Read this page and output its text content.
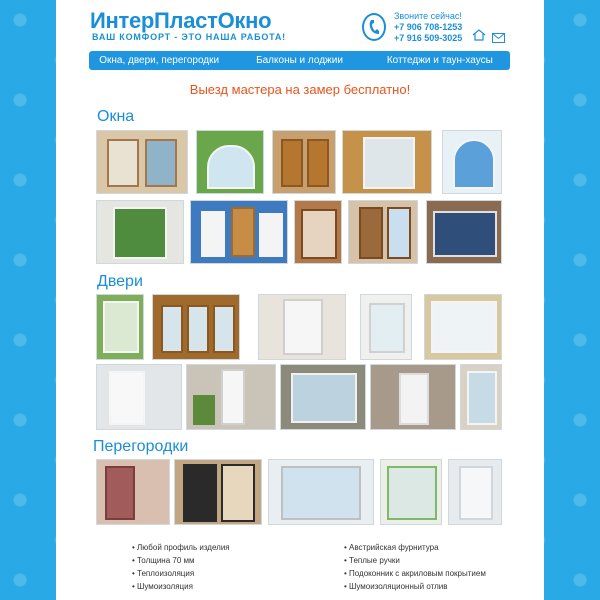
ИнтерПластОкно
ВАШ КОМФОРТ - ЭТО НАША РАБОТА!
Звоните сейчас!
+7 906 708-1253
+7 916 509-3025
Окна, двери, перегородки	Балконы и лоджии	Коттеджи и таун-хаусы
Выезд мастера на замер бесплатно!
Окна
Двери
Перегородки
• Любой профиль изделия
• Толщина 70 мм
• Теплоизоляция
• Шумоизоляция
• Австрийская фурнитура
• Теплые ручки
• Подоконник с акриловым покрытием
• Шумоизоляционный отлив
